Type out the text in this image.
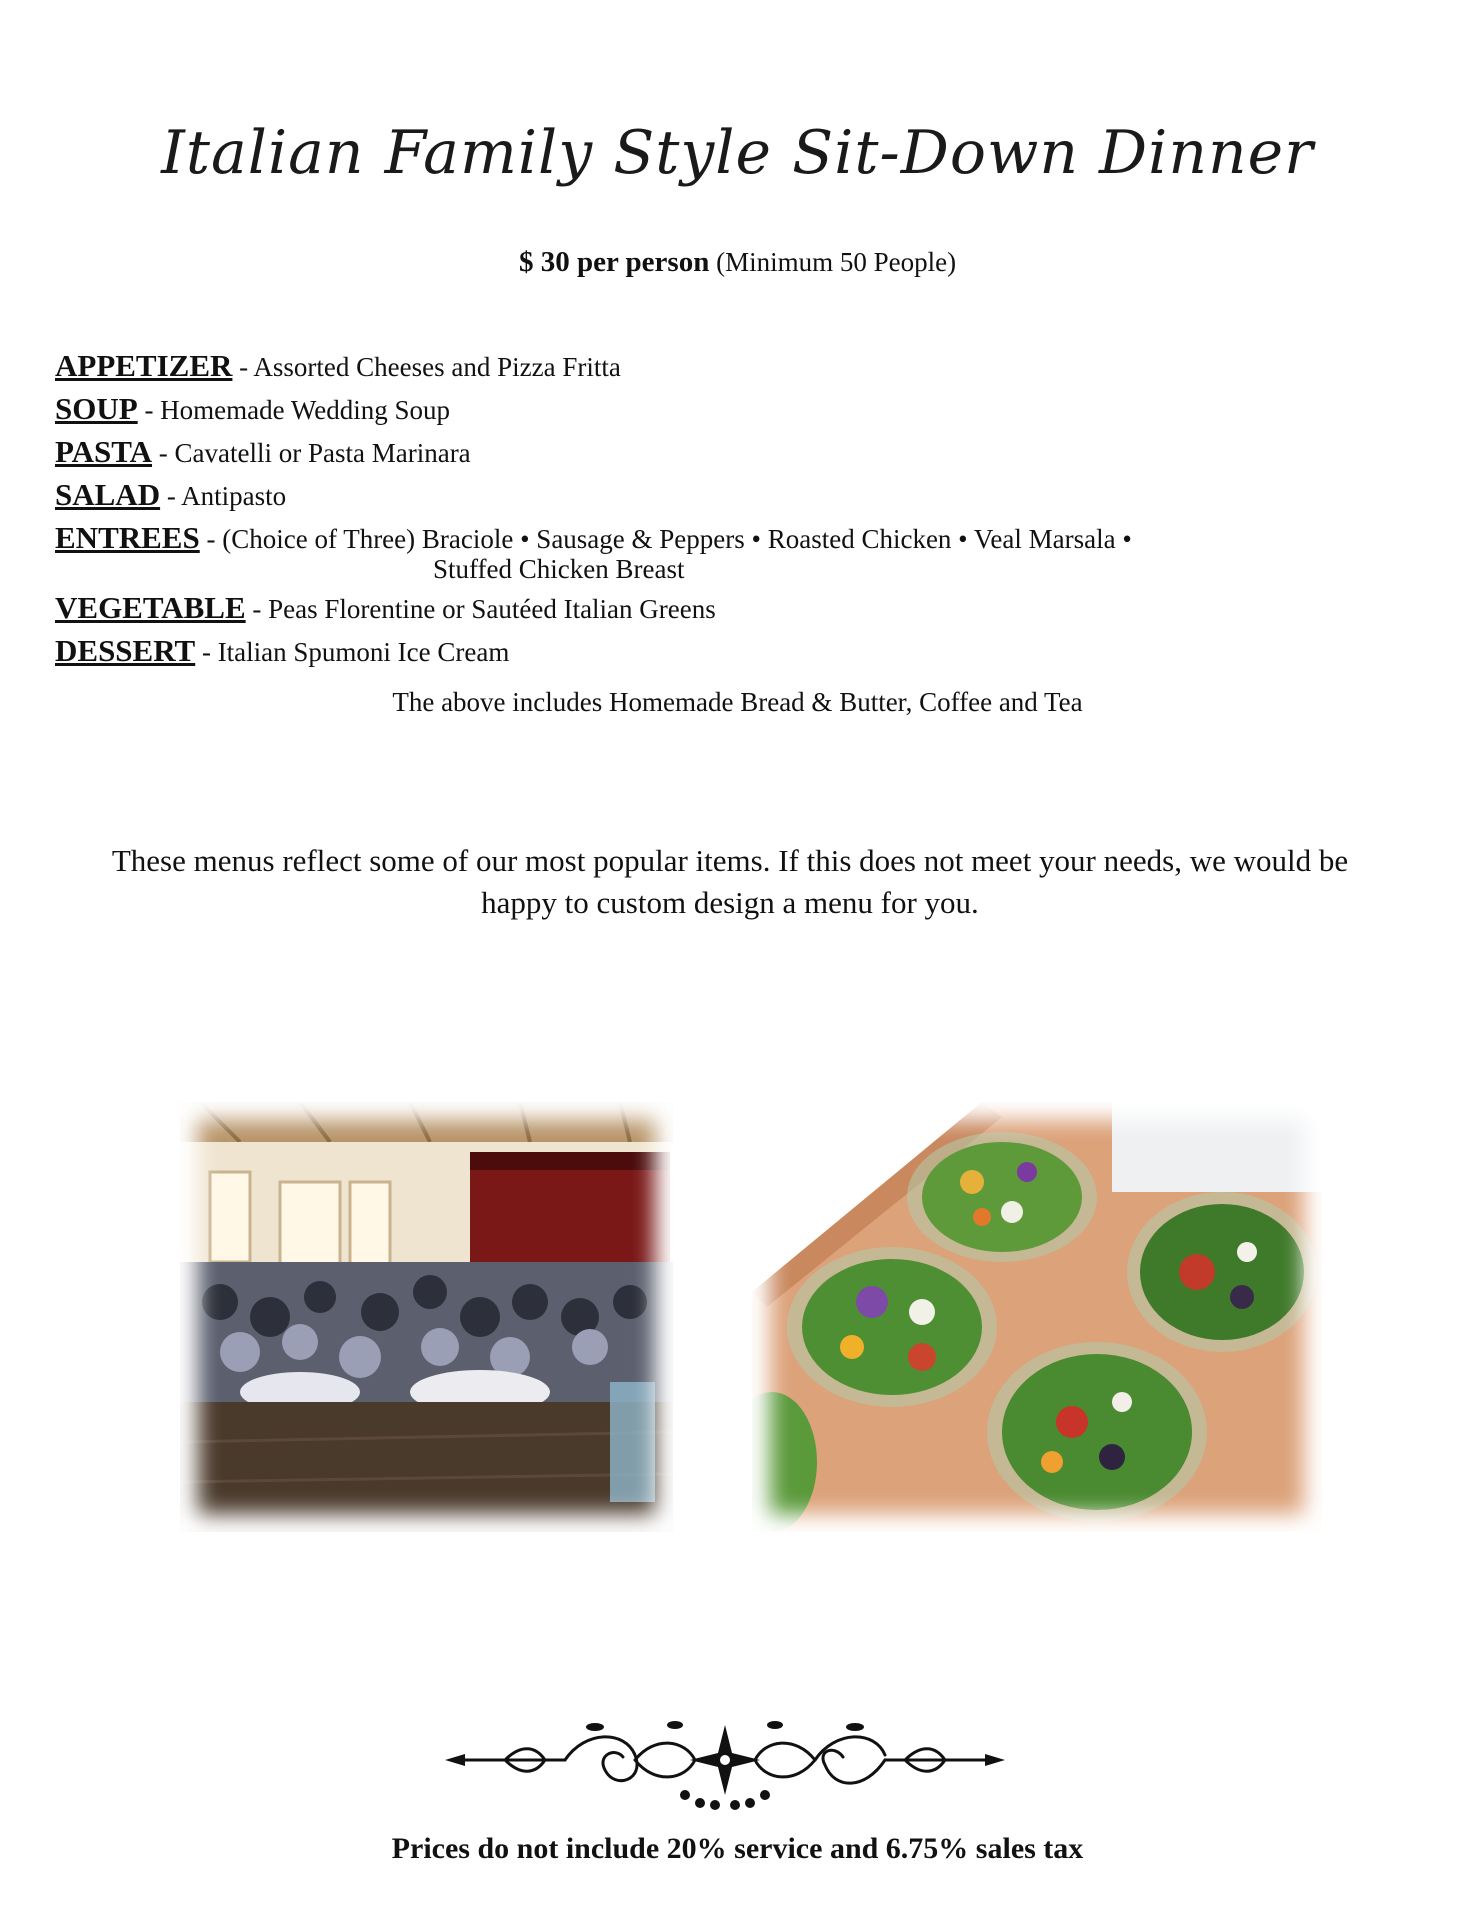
Italian Family Style Sit-Down Dinner
$ 30 per person (Minimum 50 People)
APPETIZER - Assorted Cheeses and Pizza Fritta
SOUP - Homemade Wedding Soup
PASTA - Cavatelli or Pasta Marinara
SALAD - Antipasto
ENTREES - (Choice of Three) Braciole • Sausage & Peppers • Roasted Chicken • Veal Marsala •
Stuffed Chicken Breast
VEGETABLE - Peas Florentine or Sautéed Italian Greens
DESSERT - Italian Spumoni Ice Cream
The above includes Homemade Bread & Butter, Coffee and Tea
These menus reflect some of our most popular items. If this does not meet your needs, we would be happy to custom design a menu for you.
Prices do not include 20% service and 6.75% sales tax
